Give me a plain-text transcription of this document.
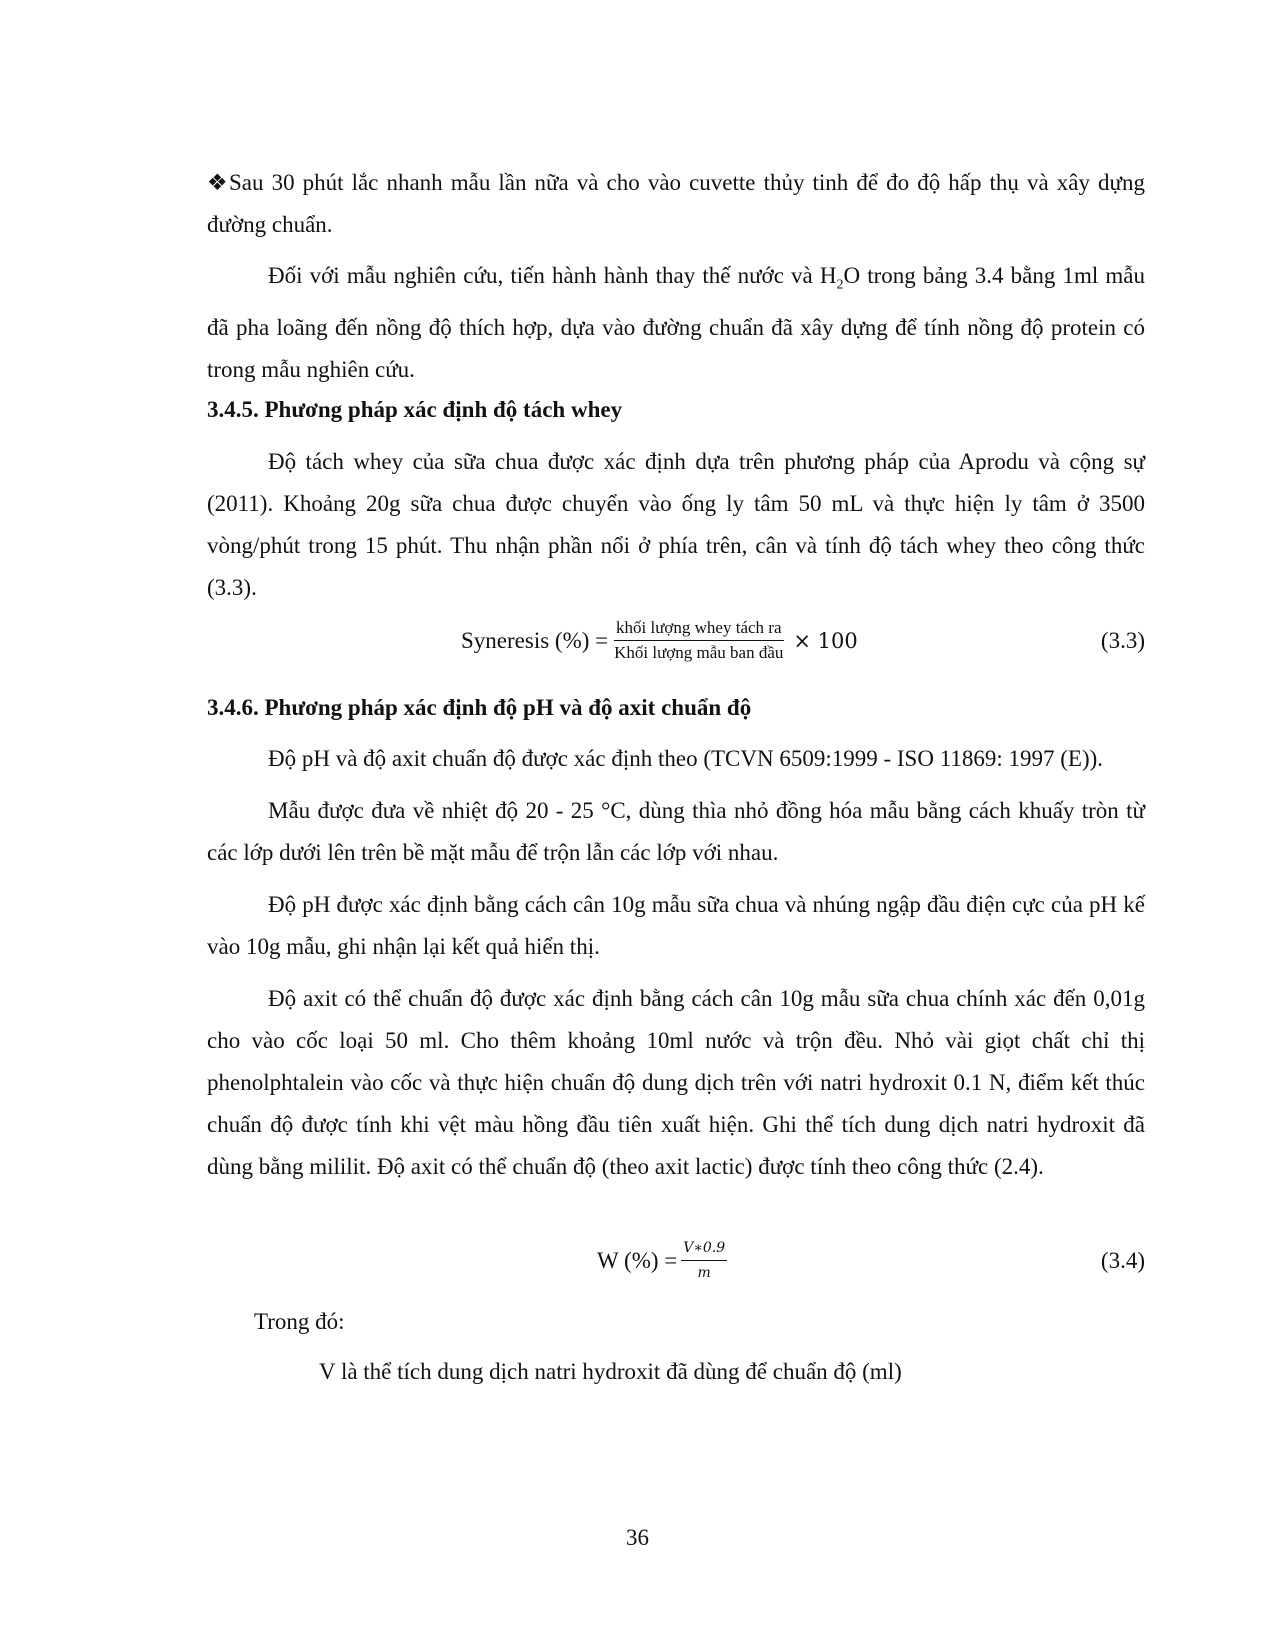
❖Sau 30 phút lắc nhanh mẫu lần nữa và cho vào cuvette thủy tinh để đo độ hấp thụ và xây dựng đường chuẩn.

Đối với mẫu nghiên cứu, tiến hành hành thay thế nước và $H_2O$ trong bảng 3.4 bằng 1ml mẫu đã pha loãng đến nồng độ thích hợp, dựa vào đường chuẩn đã xây dựng để tính nồng độ protein có trong mẫu nghiên cứu.

3.4.5. Phương pháp xác định độ tách whey

Độ tách whey của sữa chua được xác định dựa trên phương pháp của Aprodu và cộng sự (2011). Khoảng 20g sữa chua được chuyển vào ống ly tâm 50 mL và thực hiện ly tâm ở 3500 vòng/phút trong 15 phút. Thu nhận phần nổi ở phía trên, cân và tính độ tách whey theo công thức (3.3).

Syneresis (%) = $\frac{\text{khối lượng whey tách ra}}{\text{Khối lượng mẫu ban đầu}} \times 100$	(3.3)
3.4.6. Phương pháp xác định độ pH và độ axit chuẩn độ

Độ pH và độ axit chuẩn độ được xác định theo (TCVN 6509:1999 - ISO 11869: 1997 (E)).

Mẫu được đưa về nhiệt độ 20 - 25 °C, dùng thìa nhỏ đồng hóa mẫu bằng cách khuấy tròn từ các lớp dưới lên trên bề mặt mẫu để trộn lẫn các lớp với nhau.

Độ pH được xác định bằng cách cân 10g mẫu sữa chua và nhúng ngập đầu điện cực của pH kế vào 10g mẫu, ghi nhận lại kết quả hiển thị.

Độ axit có thể chuẩn độ được xác định bằng cách cân 10g mẫu sữa chua chính xác đến 0,01g cho vào cốc loại 50 ml. Cho thêm khoảng 10ml nước và trộn đều. Nhỏ vài giọt chất chỉ thị phenolphtalein vào cốc và thực hiện chuẩn độ dung dịch trên với natri hydroxit 0.1 N, điểm kết thúc chuẩn độ được tính khi vệt màu hồng đầu tiên xuất hiện. Ghi thể tích dung dịch natri hydroxit đã dùng bằng mililit. Độ axit có thể chuẩn độ (theo axit lactic) được tính theo công thức (2.4).

W (%) = $\frac{V∗0.9}{m}$	(3.4)

Trong đó:

V là thể tích dung dịch natri hydroxit đã dùng để chuẩn độ (ml)

36
